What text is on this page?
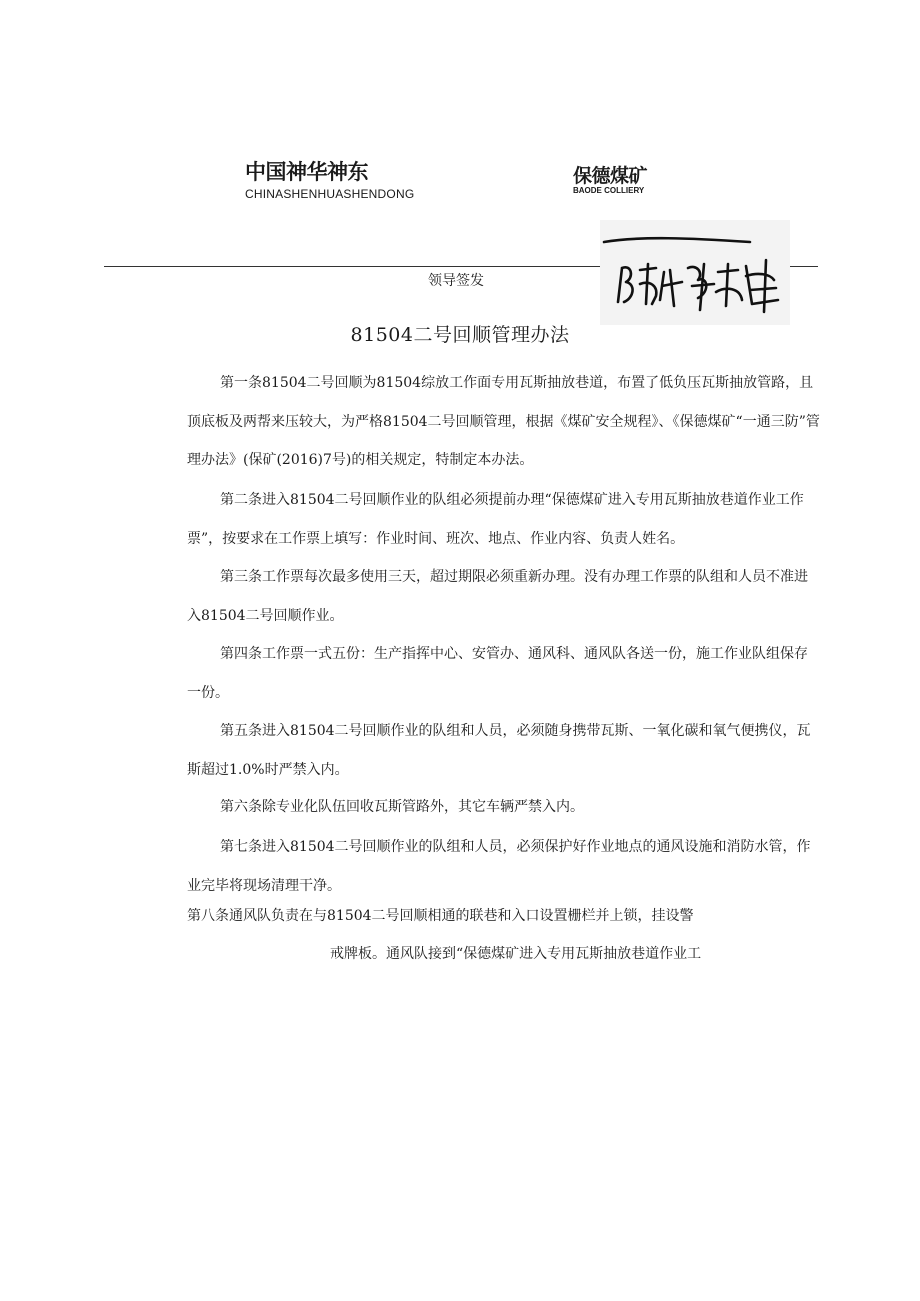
中国神华神东
CHINASHENHUASHENDONG
保德煤矿
BAODE COLLIERY
领导签发
81504二号回顺管理办法
第一条81504二号回顺为81504综放工作面专用瓦斯抽放巷道，布置了低负压瓦斯抽放管路，且顶底板及两帮来压较大，为严格81504二号回顺管理，根据《煤矿安全规程》、《保德煤矿“一通三防”管理办法》(保矿(2016)7号)的相关规定，特制定本办法。
第二条进入81504二号回顺作业的队组必须提前办理“保德煤矿进入专用瓦斯抽放巷道作业工作票”，按要求在工作票上填写：作业时间、班次、地点、作业内容、负责人姓名。
第三条工作票每次最多使用三天，超过期限必须重新办理。没有办理工作票的队组和人员不准进入81504二号回顺作业。
第四条工作票一式五份：生产指挥中心、安管办、通风科、通风队各送一份，施工作业队组保存一份。
第五条进入81504二号回顺作业的队组和人员，必须随身携带瓦斯、一氧化碳和氧气便携仪，瓦斯超过1.0%时严禁入内。
第六条除专业化队伍回收瓦斯管路外，其它车辆严禁入内。
第七条进入81504二号回顺作业的队组和人员，必须保护好作业地点的通风设施和消防水管，作业完毕将现场清理干净。
第八条通风队负责在与81504二号回顺相通的联巷和入口设置栅栏并上锁，挂设警
戒牌板。通风队接到“保德煤矿进入专用瓦斯抽放巷道作业工
